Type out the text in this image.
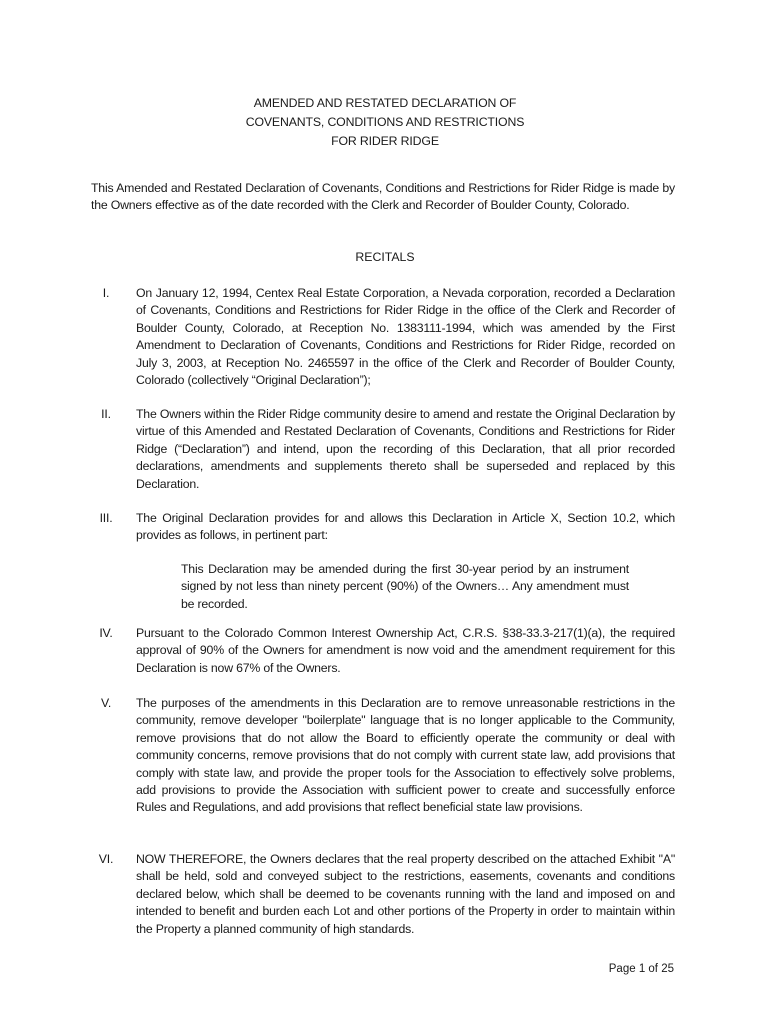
AMENDED AND RESTATED DECLARATION OF
COVENANTS, CONDITIONS AND RESTRICTIONS
FOR RIDER RIDGE
This Amended and Restated Declaration of Covenants, Conditions and Restrictions for Rider Ridge is made by the Owners effective as of the date recorded with the Clerk and Recorder of Boulder County, Colorado.
RECITALS
I.	On January 12, 1994, Centex Real Estate Corporation, a Nevada corporation, recorded a Declaration of Covenants, Conditions and Restrictions for Rider Ridge in the office of the Clerk and Recorder of Boulder County, Colorado, at Reception No. 1383111-1994, which was amended by the First Amendment to Declaration of Covenants, Conditions and Restrictions for Rider Ridge, recorded on July 3, 2003, at Reception No. 2465597 in the office of the Clerk and Recorder of Boulder County, Colorado (collectively “Original Declaration”);
II.	The Owners within the Rider Ridge community desire to amend and restate the Original Declaration by virtue of this Amended and Restated Declaration of Covenants, Conditions and Restrictions for Rider Ridge (“Declaration”) and intend, upon the recording of this Declaration, that all prior recorded declarations, amendments and supplements thereto shall be superseded and replaced by this Declaration.
III.	The Original Declaration provides for and allows this Declaration in Article X, Section 10.2, which provides as follows, in pertinent part:
This Declaration may be amended during the first 30-year period by an instrument signed by not less than ninety percent (90%) of the Owners… Any amendment must be recorded.
IV.	Pursuant to the Colorado Common Interest Ownership Act, C.R.S. §38-33.3-217(1)(a), the required approval of 90% of the Owners for amendment is now void and the amendment requirement for this Declaration is now 67% of the Owners.
V.	The purposes of the amendments in this Declaration are to remove unreasonable restrictions in the community, remove developer "boilerplate" language that is no longer applicable to the Community, remove provisions that do not allow the Board to efficiently operate the community or deal with community concerns, remove provisions that do not comply with current state law, add provisions that comply with state law, and provide the proper tools for the Association to effectively solve problems, add provisions to provide the Association with sufficient power to create and successfully enforce Rules and Regulations, and add provisions that reflect beneficial state law provisions.
VI.	NOW THEREFORE, the Owners declares that the real property described on the attached Exhibit "A" shall be held, sold and conveyed subject to the restrictions, easements, covenants and conditions declared below, which shall be deemed to be covenants running with the land and imposed on and intended to benefit and burden each Lot and other portions of the Property in order to maintain within the Property a planned community of high standards.
Page 1 of 25
